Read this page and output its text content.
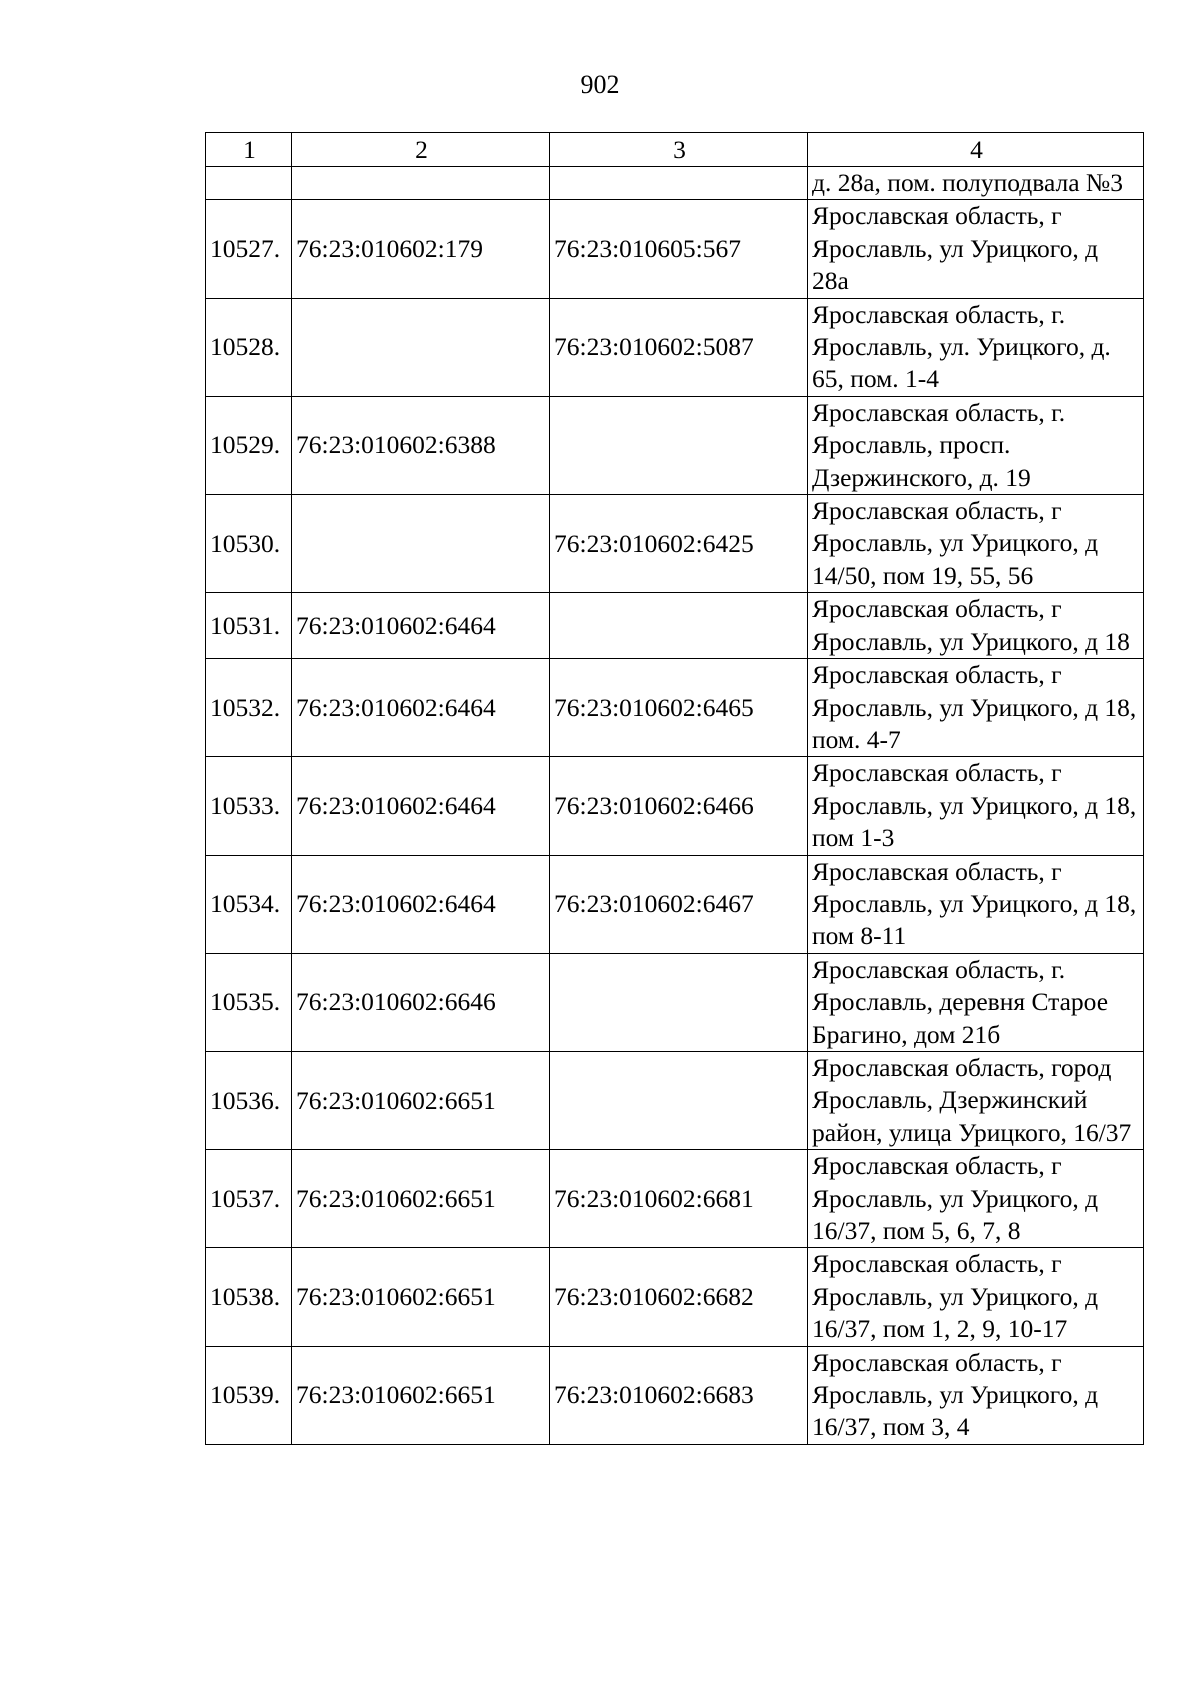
902
1	2	3	4
			д. 28а, пом. полуподвала №3
10527.	76:23:010602:179	76:23:010605:567	Ярославская область, г Ярославль, ул Урицкого, д 28а
10528.		76:23:010602:5087	Ярославская область, г. Ярославль, ул. Урицкого, д. 65, пом. 1-4
10529.	76:23:010602:6388		Ярославская область, г. Ярославль, просп. Дзержинского, д. 19
10530.		76:23:010602:6425	Ярославская область, г Ярославль, ул Урицкого, д 14/50, пом 19, 55, 56
10531.	76:23:010602:6464		Ярославская область, г Ярославль, ул Урицкого, д 18
10532.	76:23:010602:6464	76:23:010602:6465	Ярославская область, г Ярославль, ул Урицкого, д 18, пом. 4-7
10533.	76:23:010602:6464	76:23:010602:6466	Ярославская область, г Ярославль, ул Урицкого, д 18, пом 1-3
10534.	76:23:010602:6464	76:23:010602:6467	Ярославская область, г Ярославль, ул Урицкого, д 18, пом 8-11
10535.	76:23:010602:6646		Ярославская область, г. Ярославль, деревня Старое Брагино, дом 21б
10536.	76:23:010602:6651		Ярославская область, город Ярославль, Дзержинский район, улица Урицкого, 16/37
10537.	76:23:010602:6651	76:23:010602:6681	Ярославская область, г Ярославль, ул Урицкого, д 16/37, пом 5, 6, 7, 8
10538.	76:23:010602:6651	76:23:010602:6682	Ярославская область, г Ярославль, ул Урицкого, д 16/37, пом 1, 2, 9, 10-17
10539.	76:23:010602:6651	76:23:010602:6683	Ярославская область, г Ярославль, ул Урицкого, д 16/37, пом 3, 4
